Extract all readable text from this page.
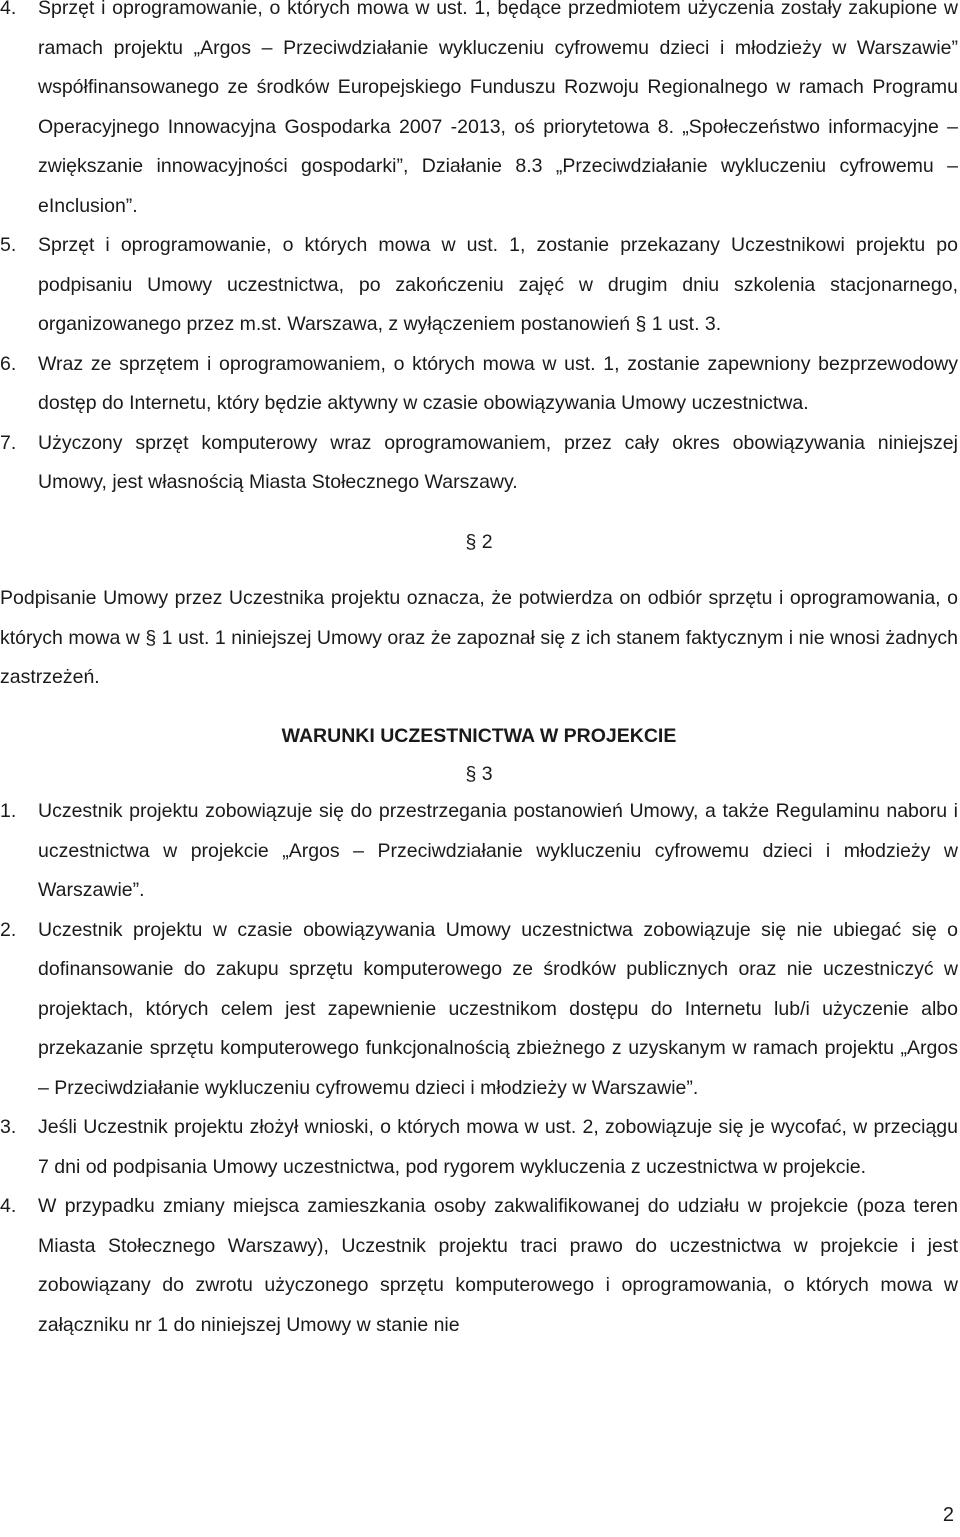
4.	Sprzęt i oprogramowanie, o których mowa w ust. 1, będące przedmiotem użyczenia zostały zakupione w ramach projektu „Argos – Przeciwdziałanie wykluczeniu cyfrowemu dzieci i młodzieży w Warszawie” współfinansowanego ze środków Europejskiego Funduszu Rozwoju Regionalnego w ramach Programu Operacyjnego Innowacyjna Gospodarka 2007 -2013, oś priorytetowa 8. „Społeczeństwo informacyjne – zwiększanie innowacyjności gospodarki”, Działanie 8.3 „Przeciwdziałanie wykluczeniu cyfrowemu – eInclusion”.
5.	Sprzęt i oprogramowanie, o których mowa w ust. 1, zostanie przekazany Uczestnikowi projektu po podpisaniu Umowy uczestnictwa, po zakończeniu zajęć w drugim dniu szkolenia stacjonarnego, organizowanego przez m.st. Warszawa, z wyłączeniem postanowień § 1 ust. 3.
6.	Wraz ze sprzętem i oprogramowaniem, o których mowa w ust. 1, zostanie zapewniony bezprzewodowy dostęp do Internetu, który będzie aktywny w czasie obowiązywania Umowy uczestnictwa.
7.	Użyczony sprzęt komputerowy wraz oprogramowaniem, przez cały okres obowiązywania niniejszej Umowy, jest własnością Miasta Stołecznego Warszawy.

§ 2

Podpisanie Umowy przez Uczestnika projektu oznacza, że potwierdza on odbiór sprzętu i oprogramowania, o których mowa w § 1 ust. 1 niniejszej Umowy oraz że zapoznał się z ich stanem faktycznym i nie wnosi żadnych zastrzeżeń.

WARUNKI UCZESTNICTWA W PROJEKCIE

§ 3

1.	Uczestnik projektu zobowiązuje się do przestrzegania postanowień Umowy, a także Regulaminu naboru i uczestnictwa w projekcie „Argos – Przeciwdziałanie wykluczeniu cyfrowemu dzieci i młodzieży w Warszawie”.
2.	Uczestnik projektu w czasie obowiązywania Umowy uczestnictwa zobowiązuje się nie ubiegać się o dofinansowanie do zakupu sprzętu komputerowego ze środków publicznych oraz nie uczestniczyć w projektach, których celem jest zapewnienie uczestnikom dostępu do Internetu lub/i użyczenie albo przekazanie sprzętu komputerowego funkcjonalnością zbieżnego z uzyskanym w ramach projektu „Argos – Przeciwdziałanie wykluczeniu cyfrowemu dzieci i młodzieży w Warszawie”.
3.	Jeśli Uczestnik projektu złożył wnioski, o których mowa w ust. 2, zobowiązuje się je wycofać, w przeciągu 7 dni od podpisania Umowy uczestnictwa, pod rygorem wykluczenia z uczestnictwa w projekcie.
4.	W przypadku zmiany miejsca zamieszkania osoby zakwalifikowanej do udziału w projekcie (poza teren Miasta Stołecznego Warszawy), Uczestnik projektu traci prawo do uczestnictwa w projekcie i jest zobowiązany do zwrotu użyczonego sprzętu komputerowego i oprogramowania, o których mowa w załączniku nr 1 do niniejszej Umowy w stanie nie
2
